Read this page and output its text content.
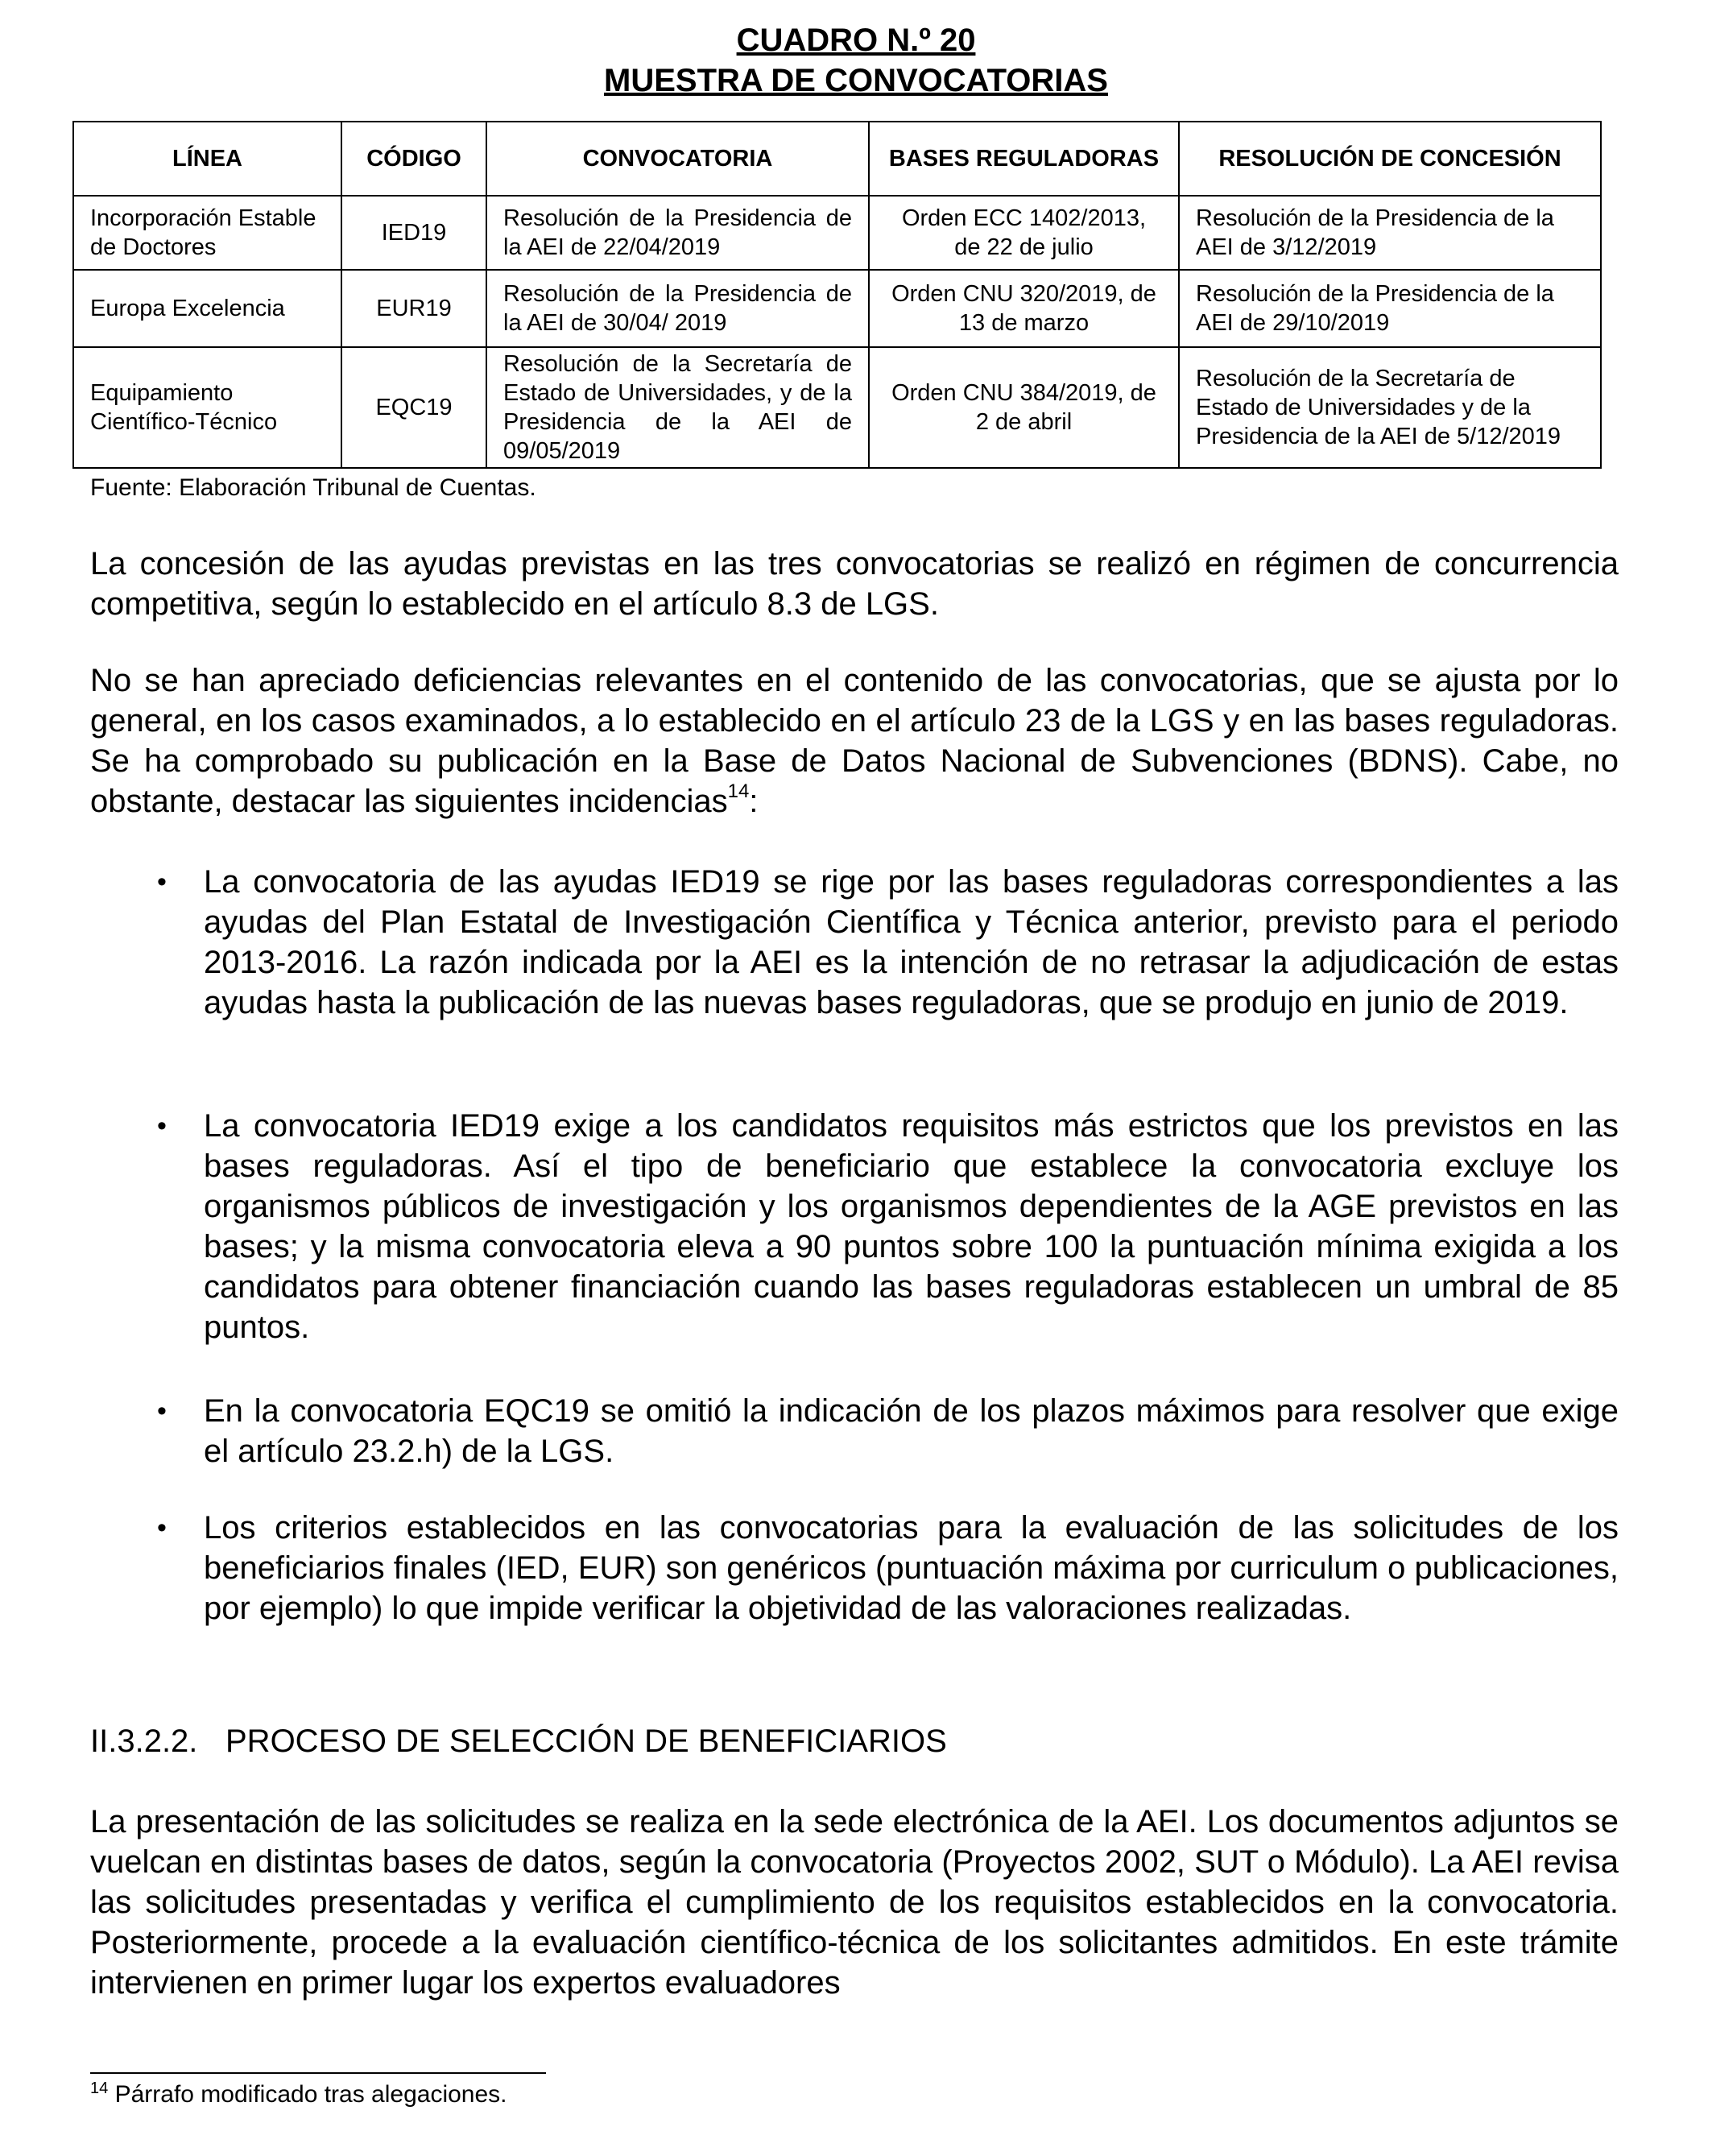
CUADRO N.º 20
MUESTRA DE CONVOCATORIAS
LÍNEA	CÓDIGO	CONVOCATORIA	BASES REGULADORAS	RESOLUCIÓN DE CONCESIÓN
Incorporación Estable de Doctores	IED19	Resolución de la Presidencia de la AEI de 22/04/2019	Orden ECC 1402/2013, de 22 de julio	Resolución de la Presidencia de la AEI de 3/12/2019
Europa Excelencia	EUR19	Resolución de la Presidencia de la AEI de 30/04/ 2019	Orden CNU 320/2019, de 13 de marzo	Resolución de la Presidencia de la AEI de 29/10/2019
Equipamiento Científico-Técnico	EQC19	Resolución de la Secretaría de Estado de Universidades, y de la Presidencia de la AEI de 09/05/2019	Orden CNU 384/2019, de 2 de abril	Resolución de la Secretaría de Estado de Universidades y de la Presidencia de la AEI de 5/12/2019
Fuente: Elaboración Tribunal de Cuentas.

La concesión de las ayudas previstas en las tres convocatorias se realizó en régimen de concurrencia competitiva, según lo establecido en el artículo 8.3 de LGS.

No se han apreciado deficiencias relevantes en el contenido de las convocatorias, que se ajusta por lo general, en los casos examinados, a lo establecido en el artículo 23 de la LGS y en las bases reguladoras. Se ha comprobado su publicación en la Base de Datos Nacional de Subvenciones (BDNS). Cabe, no obstante, destacar las siguientes incidencias$^{14}$:

• La convocatoria de las ayudas IED19 se rige por las bases reguladoras correspondientes a las ayudas del Plan Estatal de Investigación Científica y Técnica anterior, previsto para el periodo 2013-2016. La razón indicada por la AEI es la intención de no retrasar la adjudicación de estas ayudas hasta la publicación de las nuevas bases reguladoras, que se produjo en junio de 2019.
• La convocatoria IED19 exige a los candidatos requisitos más estrictos que los previstos en las bases reguladoras. Así el tipo de beneficiario que establece la convocatoria excluye los organismos públicos de investigación y los organismos dependientes de la AGE previstos en las bases; y la misma convocatoria eleva a 90 puntos sobre 100 la puntuación mínima exigida a los candidatos para obtener financiación cuando las bases reguladoras establecen un umbral de 85 puntos.
• En la convocatoria EQC19 se omitió la indicación de los plazos máximos para resolver que exige el artículo 23.2.h) de la LGS.
• Los criterios establecidos en las convocatorias para la evaluación de las solicitudes de los beneficiarios finales (IED, EUR) son genéricos (puntuación máxima por curriculum o publicaciones, por ejemplo) lo que impide verificar la objetividad de las valoraciones realizadas.
II.3.2.2. PROCESO DE SELECCIÓN DE BENEFICIARIOS

La presentación de las solicitudes se realiza en la sede electrónica de la AEI. Los documentos adjuntos se vuelcan en distintas bases de datos, según la convocatoria (Proyectos 2002, SUT o Módulo). La AEI revisa las solicitudes presentadas y verifica el cumplimiento de los requisitos establecidos en la convocatoria. Posteriormente, procede a la evaluación científico-técnica de los solicitantes admitidos. En este trámite intervienen en primer lugar los expertos evaluadores

$^{14}$ Párrafo modificado tras alegaciones.
